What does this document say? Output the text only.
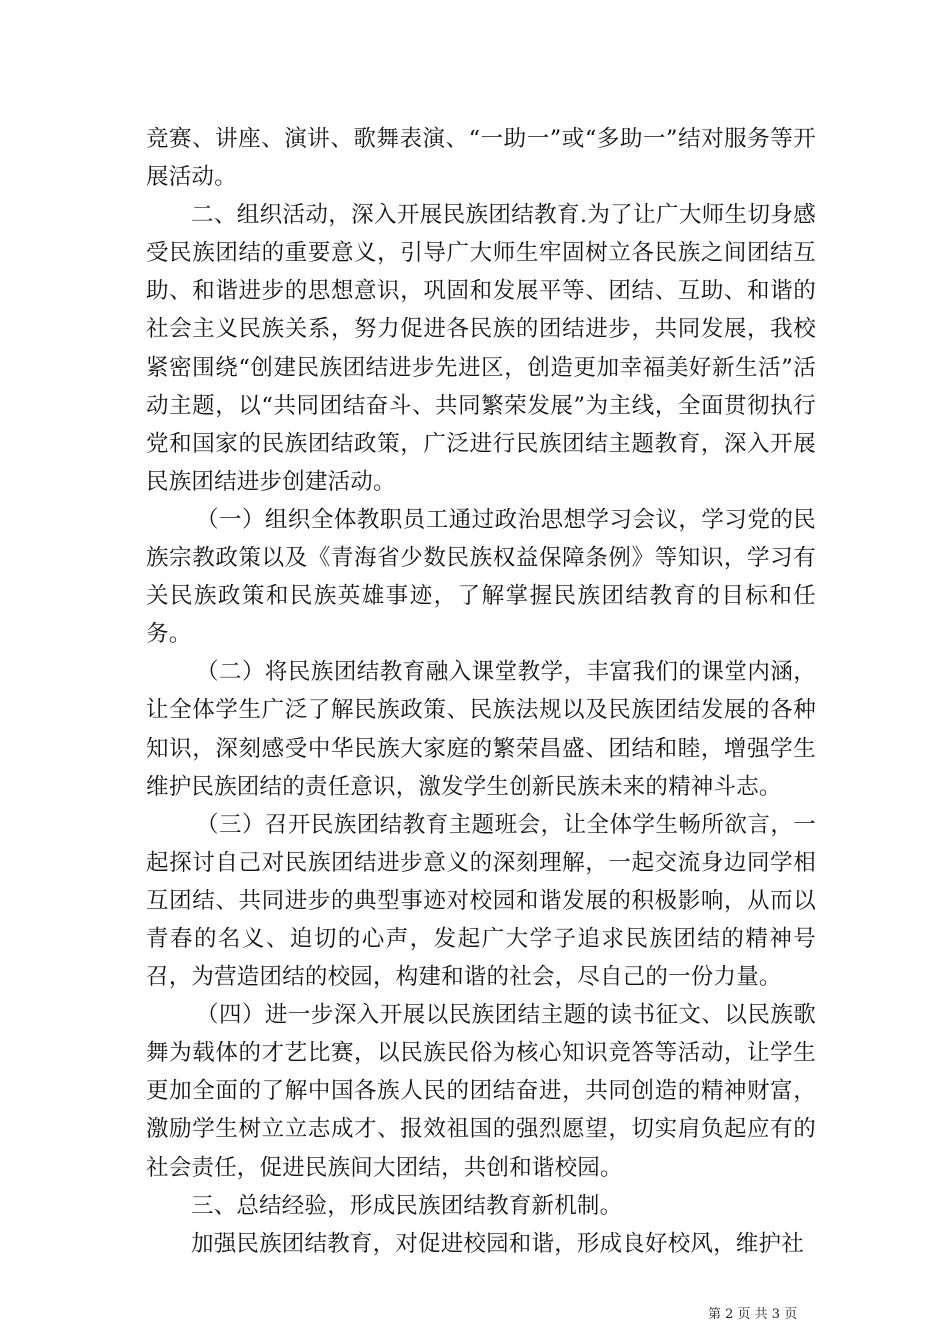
竞赛、讲座、演讲、歌舞表演、“一助一”或“多助一”结对服务等开展活动。

二、组织活动，深入开展民族团结教育.为了让广大师生切身感受民族团结的重要意义，引导广大师生牢固树立各民族之间团结互助、和谐进步的思想意识，巩固和发展平等、团结、互助、和谐的社会主义民族关系，努力促进各民族的团结进步，共同发展，我校紧密围绕“创建民族团结进步先进区，创造更加幸福美好新生活”活动主题，以“共同团结奋斗、共同繁荣发展”为主线，全面贯彻执行党和国家的民族团结政策，广泛进行民族团结主题教育，深入开展民族团结进步创建活动。

（一）组织全体教职员工通过政治思想学习会议，学习党的民族宗教政策以及《青海省少数民族权益保障条例》等知识，学习有关民族政策和民族英雄事迹，了解掌握民族团结教育的目标和任务。

（二）将民族团结教育融入课堂教学，丰富我们的课堂内涵，让全体学生广泛了解民族政策、民族法规以及民族团结发展的各种知识，深刻感受中华民族大家庭的繁荣昌盛、团结和睦，增强学生维护民族团结的责任意识，激发学生创新民族未来的精神斗志。

（三）召开民族团结教育主题班会，让全体学生畅所欲言，一起探讨自己对民族团结进步意义的深刻理解，一起交流身边同学相互团结、共同进步的典型事迹对校园和谐发展的积极影响，从而以青春的名义、迫切的心声，发起广大学子追求民族团结的精神号召，为营造团结的校园，构建和谐的社会，尽自己的一份力量。

（四）进一步深入开展以民族团结主题的读书征文、以民族歌舞为载体的才艺比赛，以民族民俗为核心知识竞答等活动，让学生更加全面的了解中国各族人民的团结奋进，共同创造的精神财富，激励学生树立立志成才、报效祖国的强烈愿望，切实肩负起应有的社会责任，促进民族间大团结，共创和谐校园。

三、总结经验，形成民族团结教育新机制。

加强民族团结教育，对促进校园和谐，形成良好校风，维护社

第 2 页 共 3 页
